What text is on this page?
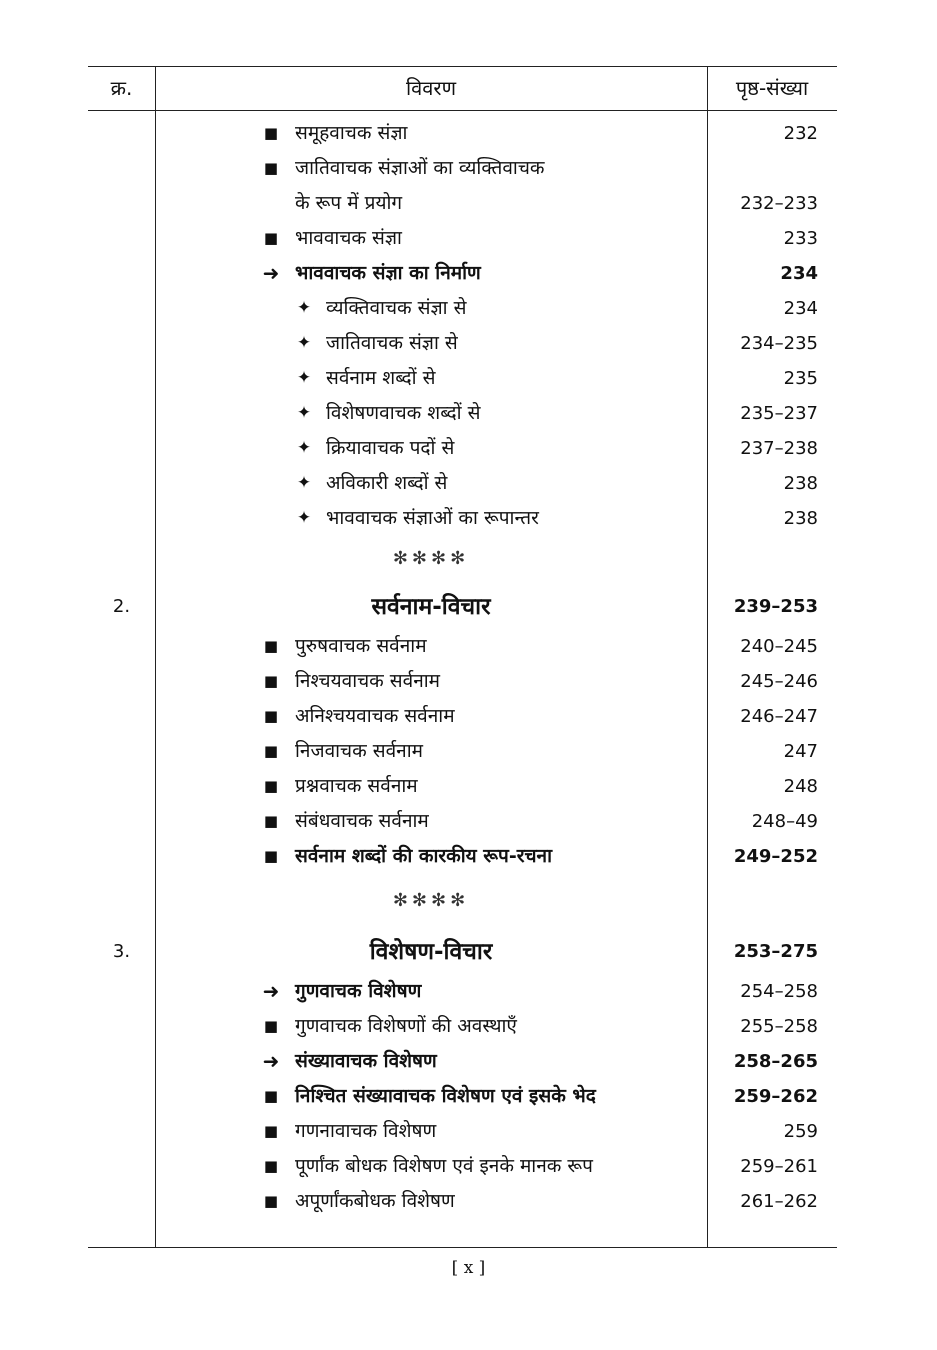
क्र.	विवरण	पृष्ठ-संख्या
■ समूहवाचक संज्ञा	232
■ जातिवाचक संज्ञाओं का व्यक्तिवाचक
के रूप में प्रयोग	232–233
■ भाववाचक संज्ञा	233
➜ भाववाचक संज्ञा का निर्माण	234
✦ व्यक्तिवाचक संज्ञा से	234
✦ जातिवाचक संज्ञा से	234–235
✦ सर्वनाम शब्दों से	235
✦ विशेषणवाचक शब्दों से	235–237
✦ क्रियावाचक पदों से	237–238
✦ अविकारी शब्दों से	238
✦ भाववाचक संज्ञाओं का रूपान्तर	238
✻✻✻✻
2.	सर्वनाम-विचार	239–253
■ पुरुषवाचक सर्वनाम	240–245
■ निश्चयवाचक सर्वनाम	245–246
■ अनिश्चयवाचक सर्वनाम	246–247
■ निजवाचक सर्वनाम	247
■ प्रश्नवाचक सर्वनाम	248
■ संबंधवाचक सर्वनाम	248–49
■ सर्वनाम शब्दों की कारकीय रूप-रचना	249–252
✻✻✻✻
3.	विशेषण-विचार	253–275
➜ गुणवाचक विशेषण	254–258
■ गुणवाचक विशेषणों की अवस्थाएँ	255–258
➜ संख्यावाचक विशेषण	258–265
■ निश्चित संख्यावाचक विशेषण एवं इसके भेद	259–262
■ गणनावाचक विशेषण	259
■ पूर्णांक बोधक विशेषण एवं इनके मानक रूप	259–261
■ अपूर्णांकबोधक विशेषण	261–262
[ x ]
